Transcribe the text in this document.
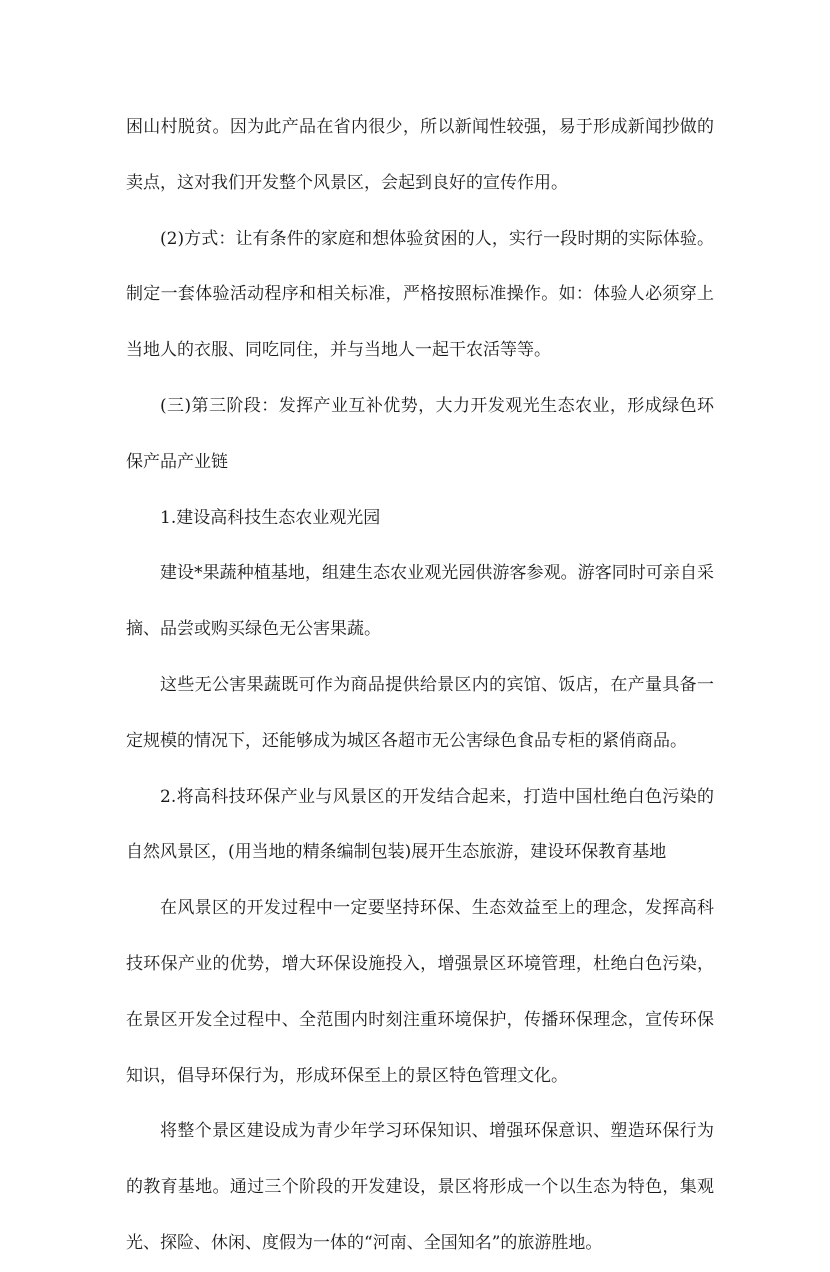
困山村脱贫。因为此产品在省内很少，所以新闻性较强，易于形成新闻抄做的卖点，这对我们开发整个风景区，会起到良好的宣传作用。

(2)方式：让有条件的家庭和想体验贫困的人，实行一段时期的实际体验。制定一套体验活动程序和相关标准，严格按照标准操作。如：体验人必须穿上当地人的衣服、同吃同住，并与当地人一起干农活等等。

(三)第三阶段：发挥产业互补优势，大力开发观光生态农业，形成绿色环保产品产业链

1.建设高科技生态农业观光园

建设*果蔬种植基地，组建生态农业观光园供游客参观。游客同时可亲自采摘、品尝或购买绿色无公害果蔬。

这些无公害果蔬既可作为商品提供给景区内的宾馆、饭店，在产量具备一定规模的情况下，还能够成为城区各超市无公害绿色食品专柜的紧俏商品。

2.将高科技环保产业与风景区的开发结合起来，打造中国杜绝白色污染的自然风景区，(用当地的精条编制包装)展开生态旅游，建设环保教育基地

在风景区的开发过程中一定要坚持环保、生态效益至上的理念，发挥高科技环保产业的优势，增大环保设施投入，增强景区环境管理，杜绝白色污染，在景区开发全过程中、全范围内时刻注重环境保护，传播环保理念，宣传环保知识，倡导环保行为，形成环保至上的景区特色管理文化。

将整个景区建设成为青少年学习环保知识、增强环保意识、塑造环保行为的教育基地。通过三个阶段的开发建设，景区将形成一个以生态为特色，集观光、探险、休闲、度假为一体的“河南、全国知名”的旅游胜地。
